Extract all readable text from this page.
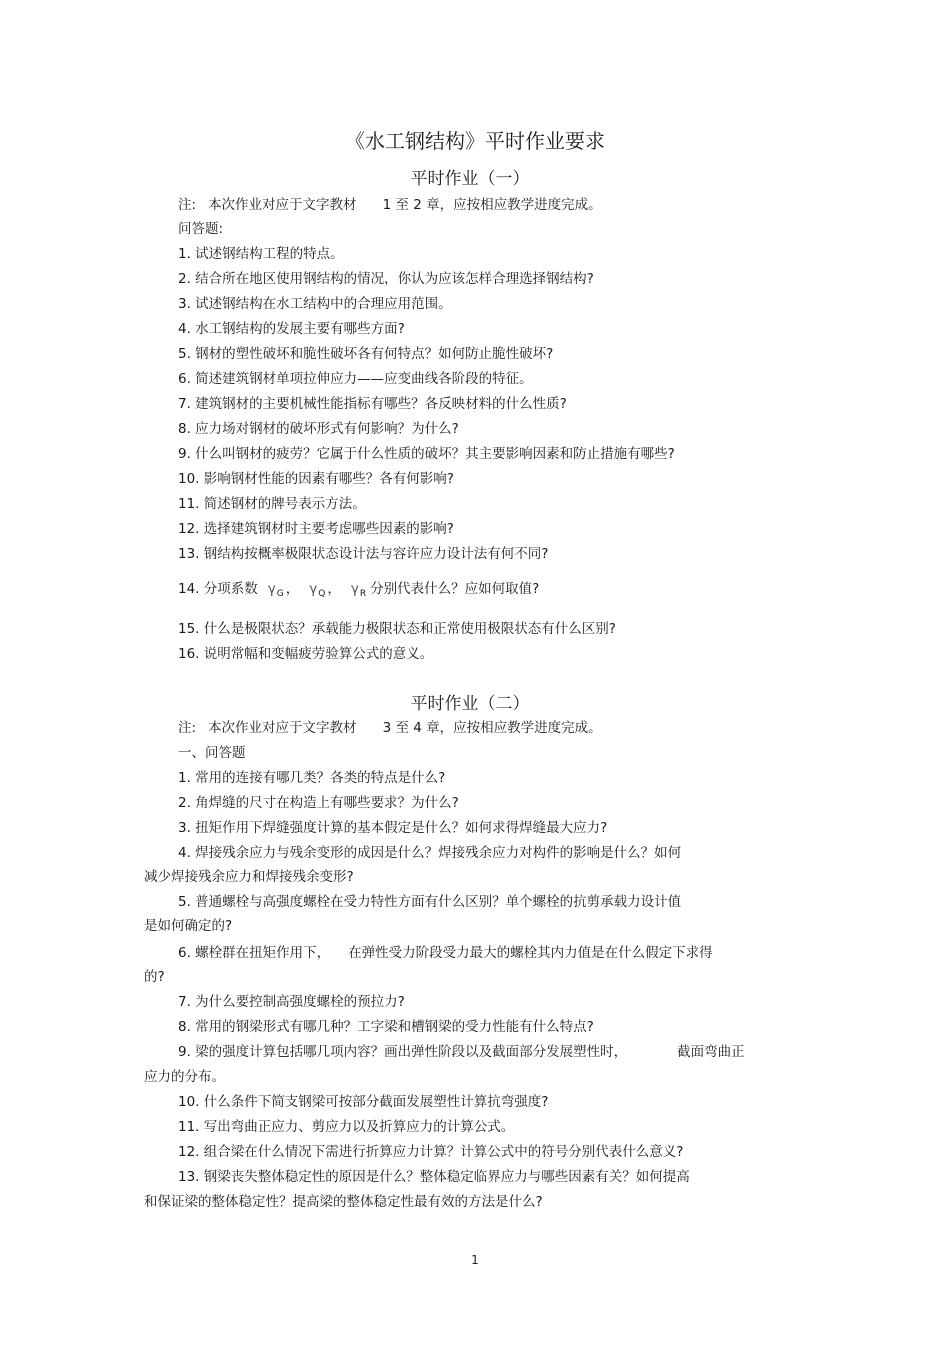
《水工钢结构》平时作业要求
平时作业（一）
注: 本次作业对应于文字教材 1 至 2 章，应按相应教学进度完成。
问答题:
1. 试述钢结构工程的特点。
2. 结合所在地区使用钢结构的情况，你认为应该怎样合理选择钢结构?
3. 试述钢结构在水工结构中的合理应用范围。
4. 水工钢结构的发展主要有哪些方面?
5. 钢材的塑性破坏和脆性破坏各有何特点？如何防止脆性破坏?
6. 简述建筑钢材单项拉伸应力——应变曲线各阶段的特征。
7. 建筑钢材的主要机械性能指标有哪些？各反映材料的什么性质?
8. 应力场对钢材的破坏形式有何影响？为什么?
9. 什么叫钢材的疲劳？它属于什么性质的破坏？其主要影响因素和防止措施有哪些?
10. 影响钢材性能的因素有哪些？各有何影响?
11. 简述钢材的牌号表示方法。
12. 选择建筑钢材时主要考虑哪些因素的影响?
13. 钢结构按概率极限状态设计法与容许应力设计法有何不同?
14. 分项系数 $\gamma_G$ ， $\gamma_Q$ ， $\gamma_R$ 分别代表什么？应如何取值?
15. 什么是极限状态？承载能力极限状态和正常使用极限状态有什么区别?
16. 说明常幅和变幅疲劳验算公式的意义。
平时作业（二）
注: 本次作业对应于文字教材 3 至 4 章，应按相应教学进度完成。
一、问答题
1. 常用的连接有哪几类？各类的特点是什么?
2. 角焊缝的尺寸在构造上有哪些要求？为什么?
3. 扭矩作用下焊缝强度计算的基本假定是什么？如何求得焊缝最大应力?
4. 焊接残余应力与残余变形的成因是什么？焊接残余应力对构件的影响是什么？如何
减少焊接残余应力和焊接残余变形?
5. 普通螺栓与高强度螺栓在受力特性方面有什么区别？单个螺栓的抗剪承载力设计值
是如何确定的?
6. 螺栓群在扭矩作用下， 在弹性受力阶段受力最大的螺栓其内力值是在什么假定下求得
的?
7. 为什么要控制高强度螺栓的预拉力?
8. 常用的钢梁形式有哪几种？工字梁和槽钢梁的受力性能有什么特点?
9. 梁的强度计算包括哪几项内容？画出弹性阶段以及截面部分发展塑性时，	截面弯曲正
应力的分布。
10. 什么条件下简支钢梁可按部分截面发展塑性计算抗弯强度?
11. 写出弯曲正应力、剪应力以及折算应力的计算公式。
12. 组合梁在什么情况下需进行折算应力计算？计算公式中的符号分别代表什么意义?
13. 钢梁丧失整体稳定性的原因是什么？整体稳定临界应力与哪些因素有关？如何提高
和保证梁的整体稳定性？提高梁的整体稳定性最有效的方法是什么?
1
